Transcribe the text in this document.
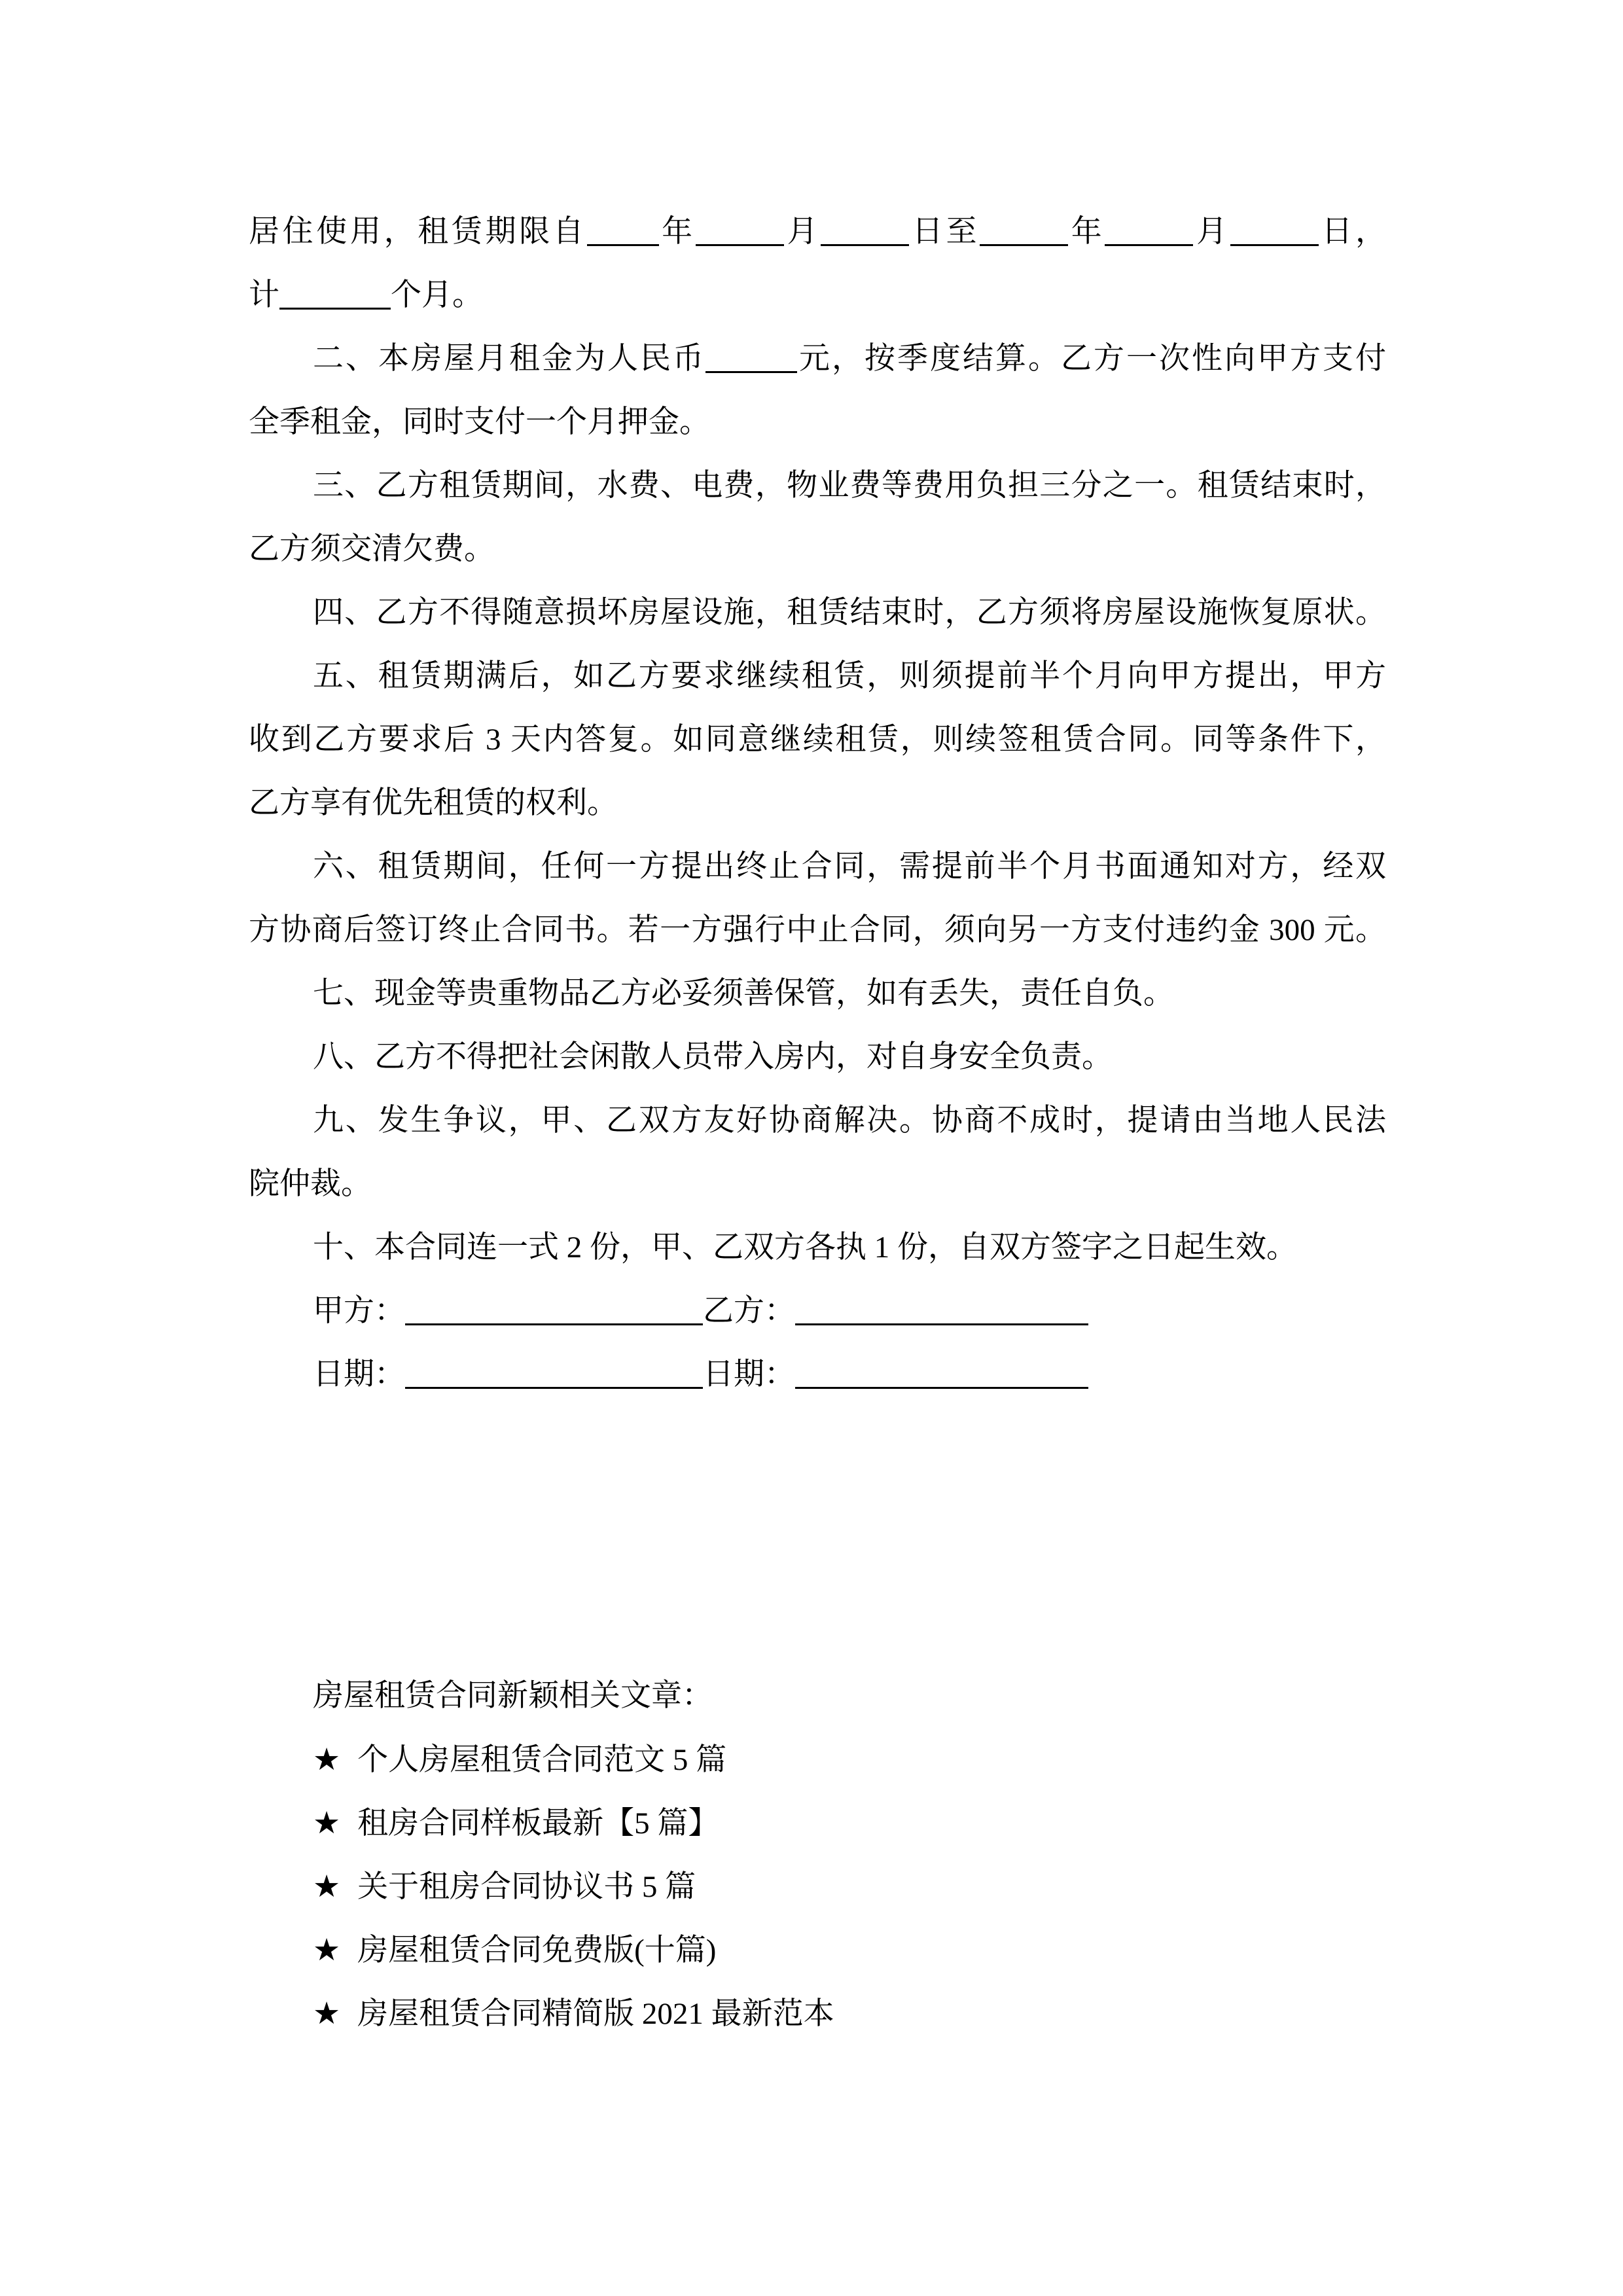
居住使用，租赁期限自 年	月	日至	年	月	日，
计	个月。
二、本房屋月租金为人民币	元，按季度结算。乙方一次性向甲方支付
全季租金，同时支付一个月押金。
三、乙方租赁期间，水费、电费，物业费等费用负担三分之一。租赁结束时，
乙方须交清欠费。
四、乙方不得随意损坏房屋设施，租赁结束时，乙方须将房屋设施恢复原状。
五、租赁期满后，如乙方要求继续租赁，则须提前半个月向甲方提出，甲方
收到乙方要求后 3 天内答复。如同意继续租赁，则续签租赁合同。同等条件下，
乙方享有优先租赁的权利。
六、租赁期间，任何一方提出终止合同，需提前半个月书面通知对方，经双
方协商后签订终止合同书。若一方强行中止合同，须向另一方支付违约金 300 元。
七、现金等贵重物品乙方必妥须善保管，如有丢失，责任自负。
八、乙方不得把社会闲散人员带入房内，对自身安全负责。
九、发生争议，甲、乙双方友好协商解决。协商不成时，提请由当地人民法
院仲裁。
十、本合同连一式 2 份，甲、乙双方各执 1 份，自双方签字之日起生效。
甲方：	乙方：
日期：	日期：
房屋租赁合同新颖相关文章：
★ 个人房屋租赁合同范文 5 篇
★ 租房合同样板最新【5 篇】
★ 关于租房合同协议书 5 篇
★ 房屋租赁合同免费版(十篇)
★ 房屋租赁合同精简版 2021 最新范本
